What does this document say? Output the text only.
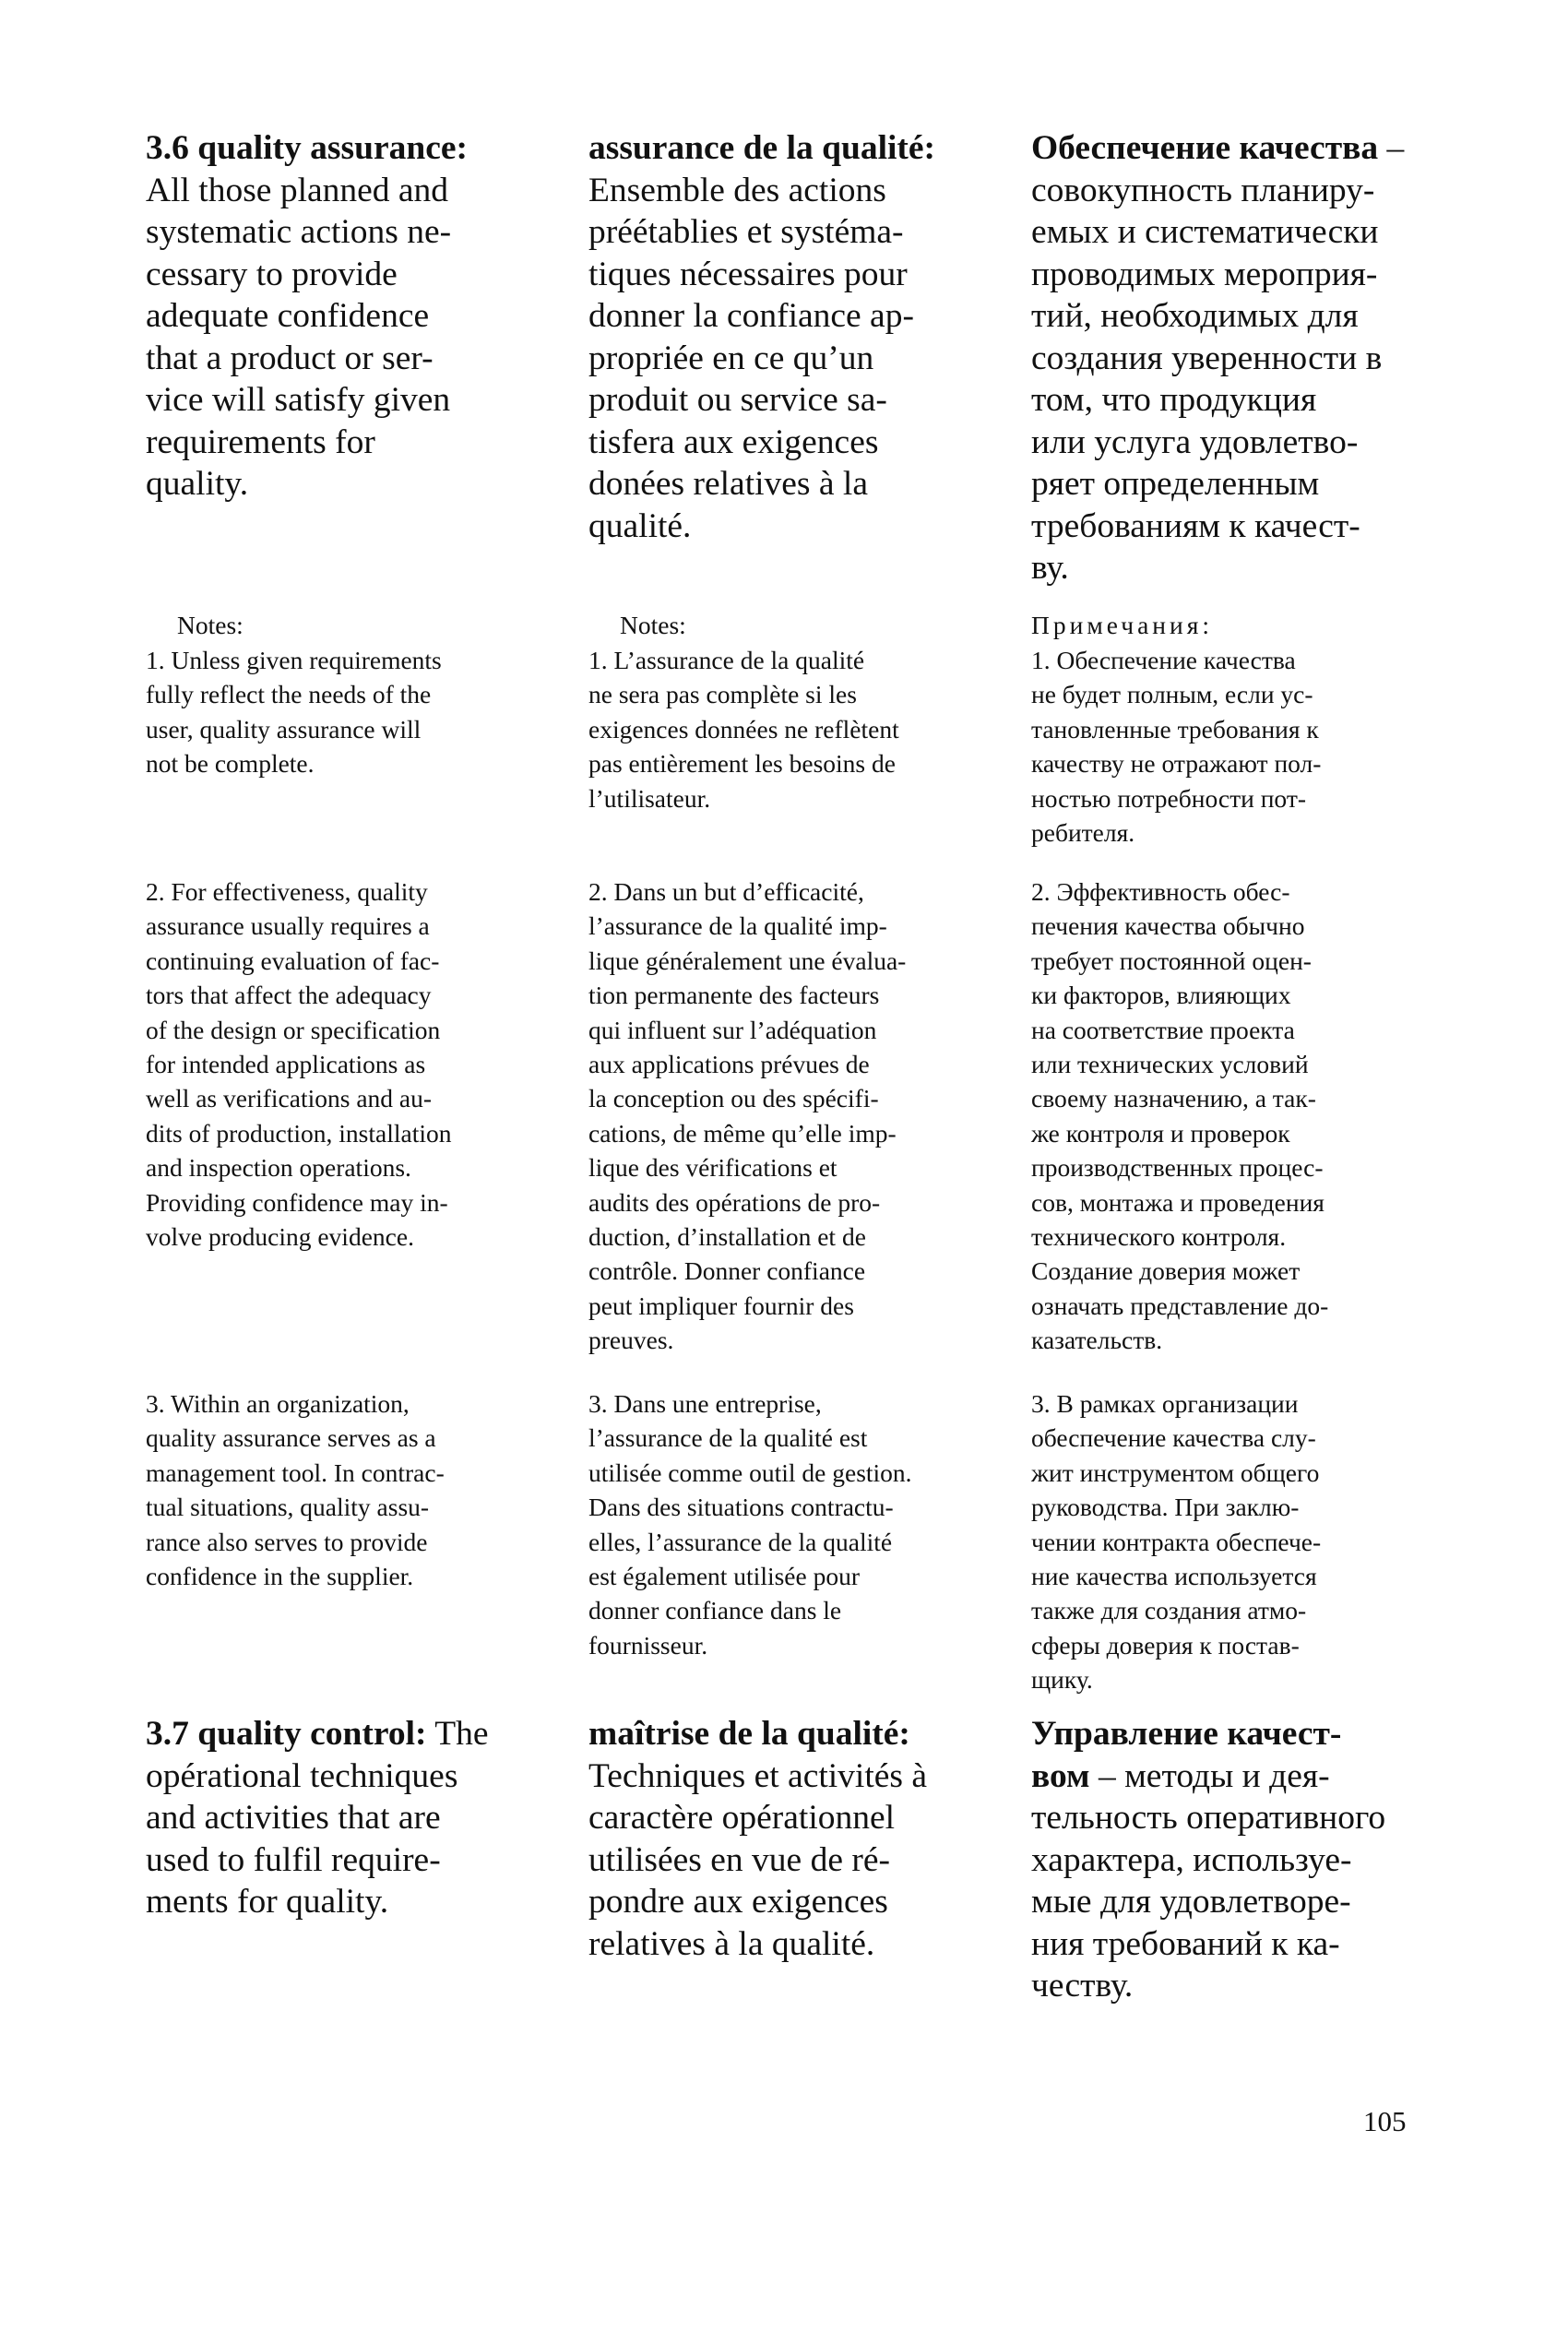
3.6 quality assurance:
All those planned and
systematic actions ne-
cessary to provide
adequate confidence
that a product or ser-
vice will satisfy given
requirements for
quality.
Notes:
1. Unless given requirements
fully reflect the needs of the
user, quality assurance will
not be complete.
2. For effectiveness, quality
assurance usually requires a
continuing evaluation of fac-
tors that affect the adequacy
of the design or specification
for intended applications as
well as verifications and au-
dits of production, installation
and inspection operations.
Providing confidence may in-
volve producing evidence.
3. Within an organization,
quality assurance serves as a
management tool. In contrac-
tual situations, quality assu-
rance also serves to provide
confidence in the supplier.
3.7 quality control: The
opérational techniques
and activities that are
used to fulfil require-
ments for quality.
assurance de la qualité:
Ensemble des actions
préétablies et systéma-
tiques nécessaires pour
donner la confiance ap-
propriée en ce qu’un
produit ou service sa-
tisfera aux exigences
donées relatives à la
qualité.
Notes:
1. L’assurance de la qualité
ne sera pas complète si les
exigences données ne reflètent
pas entièrement les besoins de
l’utilisateur.
2. Dans un but d’efficacité,
l’assurance de la qualité imp-
lique généralement une évalua-
tion permanente des facteurs
qui influent sur l’adéquation
aux applications prévues de
la conception ou des spécifi-
cations, de même qu’elle imp-
lique des vérifications et
audits des opérations de pro-
duction, d’installation et de
contrôle. Donner confiance
peut impliquer fournir des
preuves.
3. Dans une entreprise,
l’assurance de la qualité est
utilisée comme outil de gestion.
Dans des situations contractu-
elles, l’assurance de la qualité
est également utilisée pour
donner confiance dans le
fournisseur.
maîtrise de la qualité:
Techniques et activités à
caractère opérationnel
utilisées en vue de ré-
pondre aux exigences
relatives à la qualité.
Обеспечение качества –
совокупность планиру-
емых и систематически
проводимых мероприя-
тий, необходимых для
создания уверенности в
том, что продукция
или услуга удовлетво-
ряет определенным
требованиям к качест-
ву.
Примечания:
1. Обеспечение качества
не будет полным, если ус-
тановленные требования к
качеству не отражают пол-
ностью потребности пот-
ребителя.
2. Эффективность обес-
печения качества обычно
требует постоянной оцен-
ки факторов, влияющих
на соответствие проекта
или технических условий
своему назначению, а так-
же контроля и проверок
производственных процес-
сов, монтажа и проведения
технического контроля.
Создание доверия может
означать представление до-
казательств.
3. В рамках организации
обеспечение качества слу-
жит инструментом общего
руководства. При заклю-
чении контракта обеспече-
ние качества используется
также для создания атмо-
сферы доверия к постав-
щику.
Управление качест-
вом – методы и дея-
тельность оперативного
характера, используе-
мые для удовлетворе-
ния требований к ка-
честву.
105
